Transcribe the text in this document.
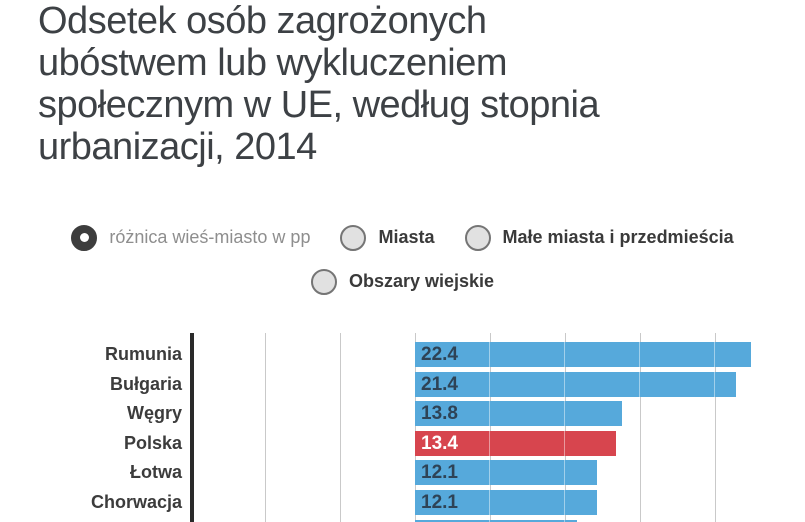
Odsetek osób zagrożonych
ubóstwem lub wykluczeniem
społecznym w UE, według stopnia
urbanizacji, 2014
różnica wieś-miasto w pp	Miasta	Małe miasta i przedmieścia
Obszary wiejskie
Rumunia
Bułgaria
Węgry
Polska
Łotwa
Chorwacja
22.4
21.4
13.8
13.4
12.1
12.1
